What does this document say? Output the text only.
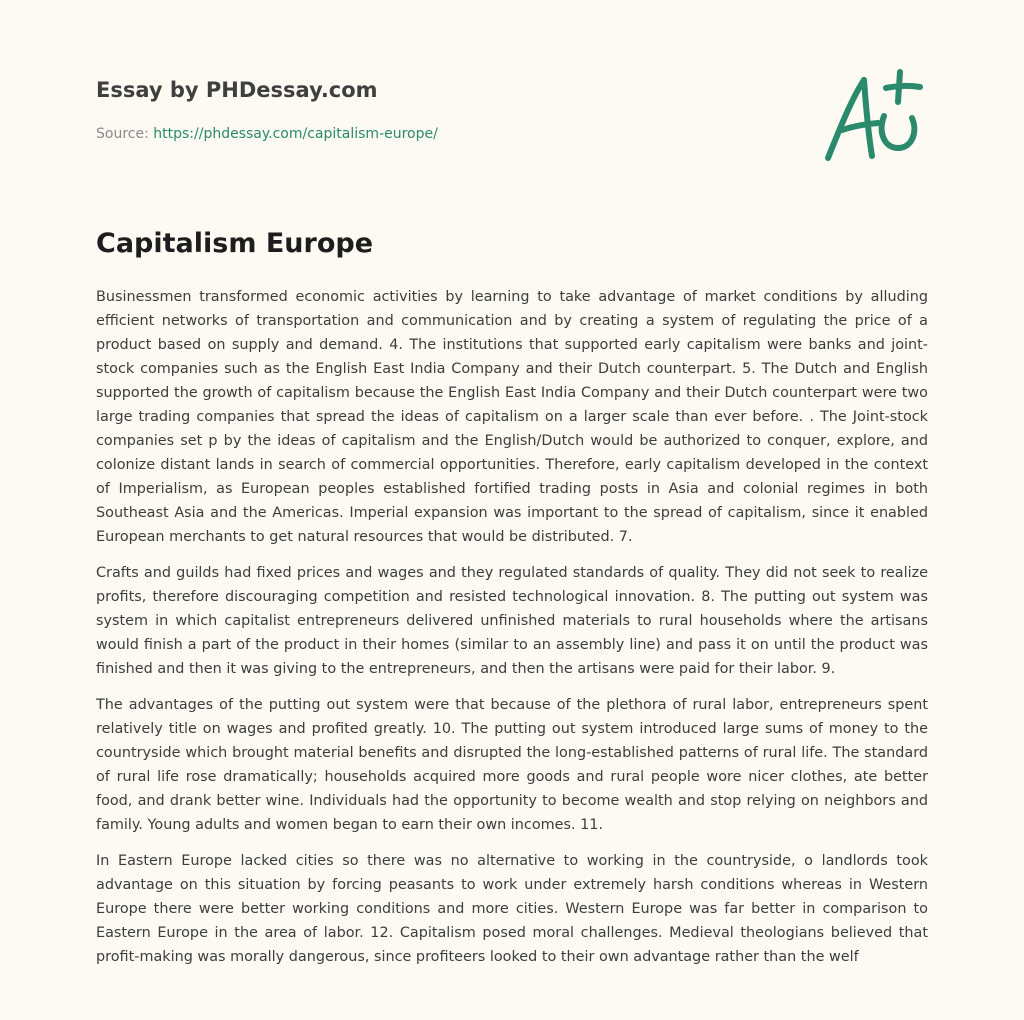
Essay by PHDessay.com
Source: https://phdessay.com/capitalism-europe/
Capitalism Europe

Businessmen transformed economic activities by learning to take advantage of market conditions by alluding efficient networks of transportation and communication and by creating a system of regulating the price of a product based on supply and demand. 4. The institutions that supported early capitalism were banks and joint-stock companies such as the English East India Company and their Dutch counterpart. 5. The Dutch and English supported the growth of capitalism because the English East India Company and their Dutch counterpart were two large trading companies that spread the ideas of capitalism on a larger scale than ever before. . The Joint-stock companies set p by the ideas of capitalism and the English/Dutch would be authorized to conquer, explore, and colonize distant lands in search of commercial opportunities. Therefore, early capitalism developed in the context of Imperialism, as European peoples established fortified trading posts in Asia and colonial regimes in both Southeast Asia and the Americas. Imperial expansion was important to the spread of capitalism, since it enabled European merchants to get natural resources that would be distributed. 7.

Crafts and guilds had fixed prices and wages and they regulated standards of quality. They did not seek to realize profits, therefore discouraging competition and resisted technological innovation. 8. The putting out system was system in which capitalist entrepreneurs delivered unfinished materials to rural households where the artisans would finish a part of the product in their homes (similar to an assembly line) and pass it on until the product was finished and then it was giving to the entrepreneurs, and then the artisans were paid for their labor. 9.

The advantages of the putting out system were that because of the plethora of rural labor, entrepreneurs spent relatively title on wages and profited greatly. 10. The putting out system introduced large sums of money to the countryside which brought material benefits and disrupted the long-established patterns of rural life. The standard of rural life rose dramatically; households acquired more goods and rural people wore nicer clothes, ate better food, and drank better wine. Individuals had the opportunity to become wealth and stop relying on neighbors and family. Young adults and women began to earn their own incomes. 11.

In Eastern Europe lacked cities so there was no alternative to working in the countryside, o landlords took advantage on this situation by forcing peasants to work under extremely harsh conditions whereas in Western Europe there were better working conditions and more cities. Western Europe was far better in comparison to Eastern Europe in the area of labor. 12. Capitalism posed moral challenges. Medieval theologians believed that profit-making was morally dangerous, since profiteers looked to their own advantage rather than the welf
